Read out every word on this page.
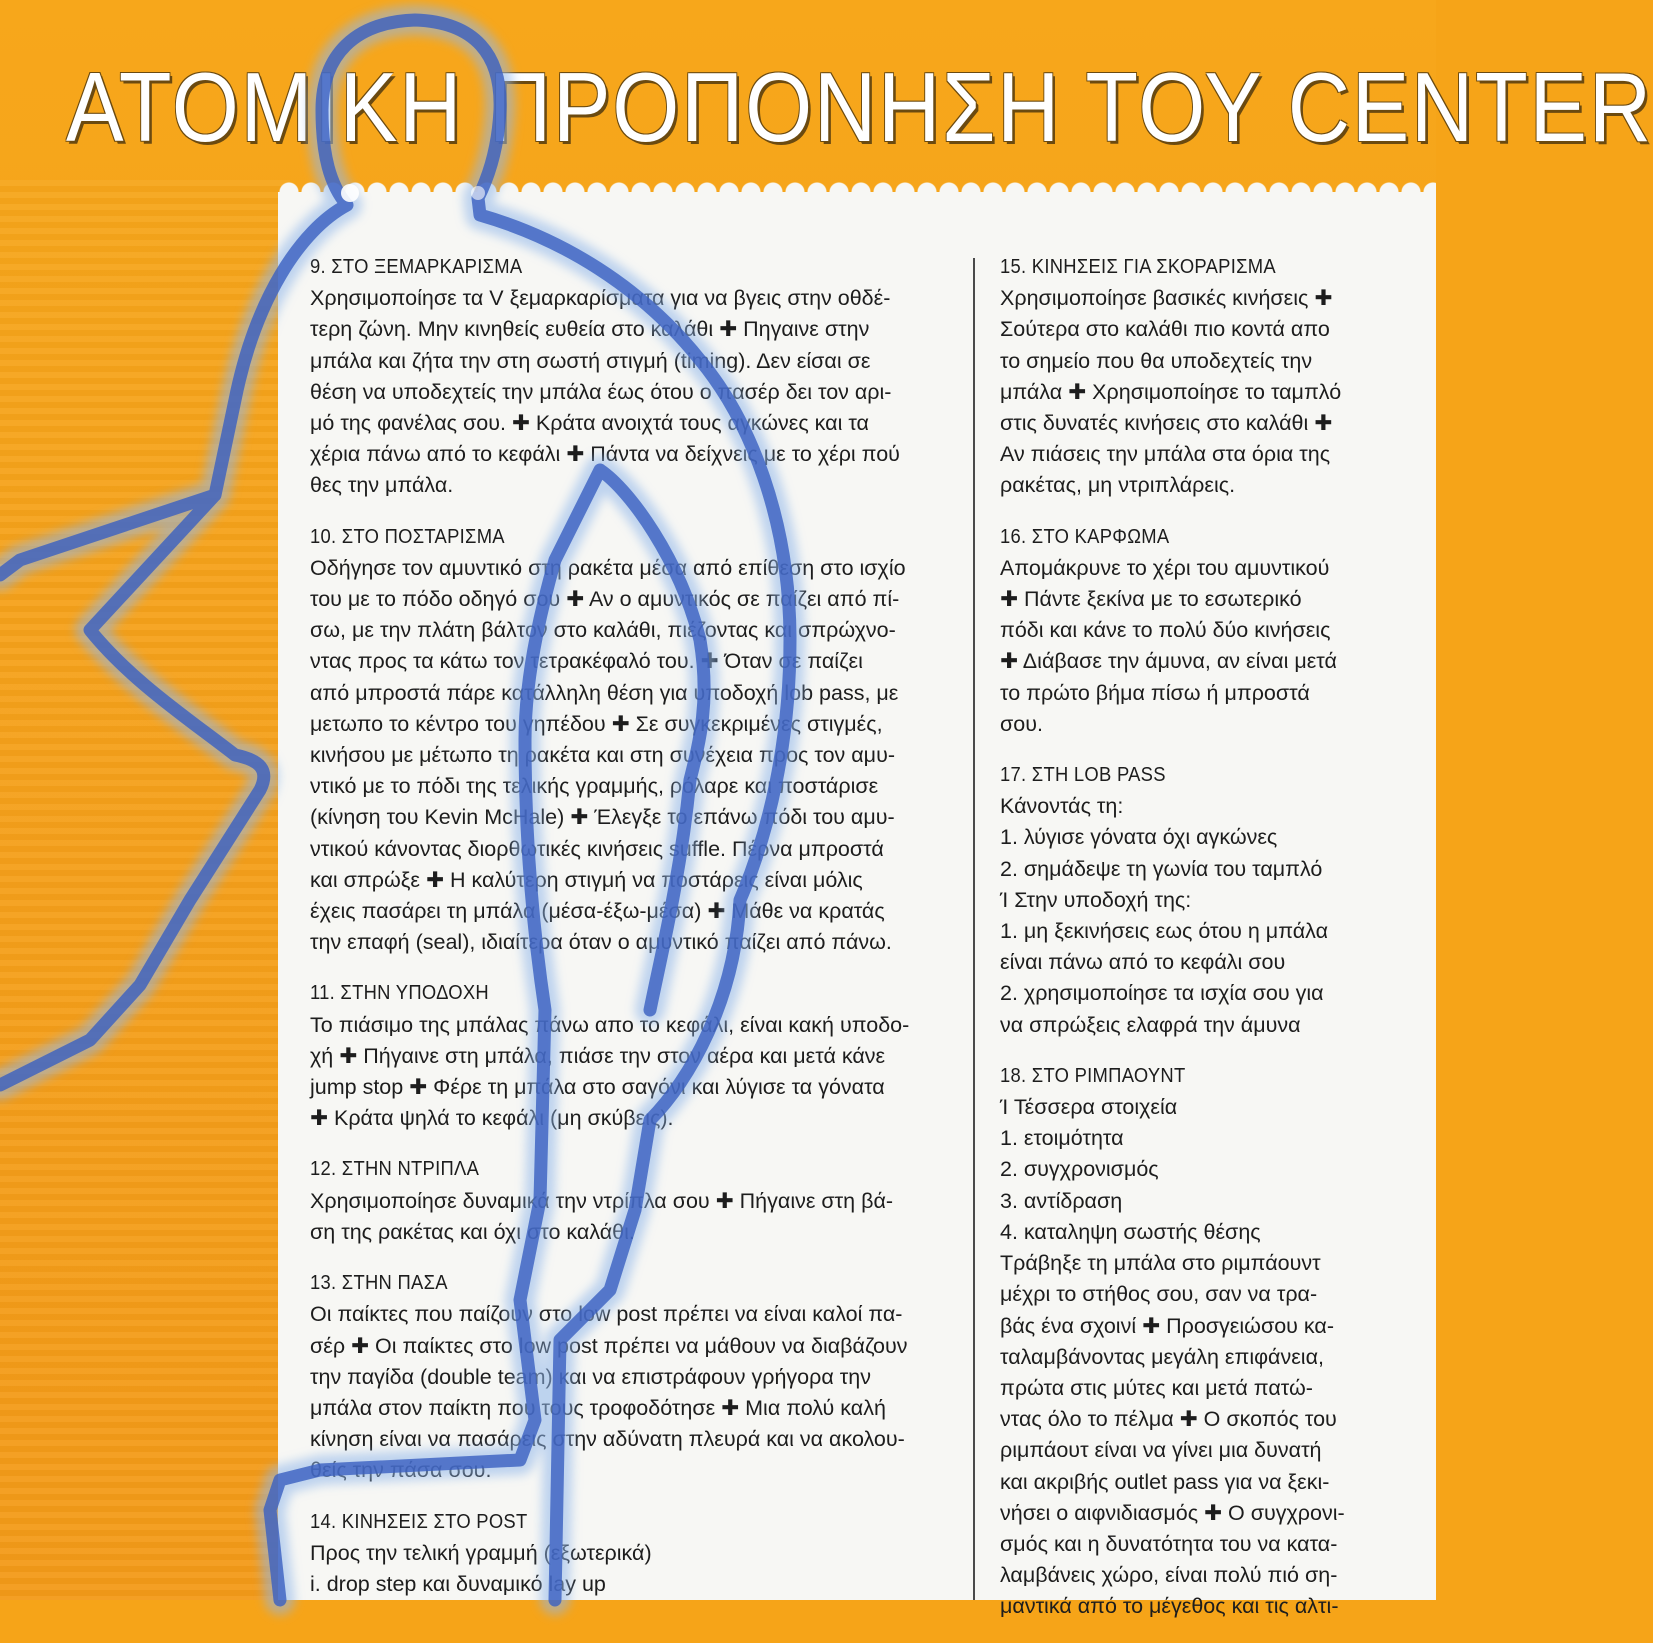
ΑΤΟΜΙΚΗ ΠΡΟΠΟΝΗΣΗ ΤΟΥ CENTER
9. ΣΤΟ ΞΕΜΑΡΚΑΡΙΣΜΑ
Χρησιμοποίησε τα V ξεμαρκαρίσματα για να βγεις στην οθδέ-
τερη ζώνη. Μην κινηθείς ευθεία στο καλάθι ✚ Πηγαινε στην
μπάλα και ζήτα την στη σωστή στιγμή (timing). Δεν είσαι σε
θέση να υποδεχτείς την μπάλα έως ότου ο πασέρ δει τον αρι-
μό της φανέλας σου. ✚ Κράτα ανοιχτά τους αγκώνες και τα
χέρια πάνω από το κεφάλι ✚ Πάντα να δείχνεις με το χέρι πού
θες την μπάλα.
10. ΣΤΟ ΠΟΣΤΑΡΙΣΜΑ
Οδήγησε τον αμυντικό στη ρακέτα μέσα από επίθεση στο ισχίο
του με το πόδο οδηγό σου ✚ Αν ο αμυντικός σε παίζει από πί-
σω, με την πλάτη βάλτον στο καλάθι, πιέζοντας και σπρώχνο-
ντας προς τα κάτω τον τετρακέφαλό του. ✚ Όταν σε παίζει
από μπροστά πάρε κατάλληλη θέση για υποδοχή lob pass, με
μετωπο το κέντρο του γηπέδου ✚ Σε συγκεκριμένες στιγμές,
κινήσου με μέτωπο τη ρακέτα και στη συνέχεια προς τον αμυ-
ντικό με το πόδι της τελικής γραμμής, ρόλαρε και ποστάρισε
(κίνηση του Kevin McHale) ✚ Έλεγξε το επάνω πόδι του αμυ-
ντικού κάνοντας διορθωτικές κινήσεις suffle. Πέρνα μπροστά
και σπρώξε ✚ Η καλύτερη στιγμή να ποστάρεις είναι μόλις
έχεις πασάρει τη μπάλα (μέσα-έξω-μέσα) ✚ Μάθε να κρατάς
την επαφή (seal), ιδιαίτερα όταν ο αμυντικό παίζει από πάνω.
11. ΣΤΗΝ ΥΠΟΔΟΧΗ
Το πιάσιμο της μπάλας πάνω απο το κεφάλι, είναι κακή υποδο-
χή ✚ Πήγαινε στη μπάλα, πιάσε την στον αέρα και μετά κάνε
jump stop ✚ Φέρε τη μπάλα στο σαγόνι και λύγισε τα γόνατα
✚ Κράτα ψηλά το κεφάλι (μη σκύβεις).
12. ΣΤΗΝ ΝΤΡΙΠΛΑ
Χρησιμοποίησε δυναμικά την ντρίπλα σου ✚ Πήγαινε στη βά-
ση της ρακέτας και όχι στο καλάθι.
13. ΣΤΗΝ ΠΑΣΑ
Οι παίκτες που παίζουν στο low post πρέπει να είναι καλοί πα-
σέρ ✚ Οι παίκτες στο low post πρέπει να μάθουν να διαβάζουν
την παγίδα (double team) και να επιστράφουν γρήγορα την
μπάλα στον παίκτη που τους τροφοδότησε ✚ Μια πολύ καλή
κίνηση είναι να πασάρεις στην αδύνατη πλευρά και να ακολου-
θείς την πάσα σου.
14. ΚΙΝΗΣΕΙΣ ΣΤΟ POST
Προς την τελική γραμμή (εξωτερικά)
i. drop step και δυναμικό lay up
15. ΚΙΝΗΣΕΙΣ ΓΙΑ ΣΚΟΡΑΡΙΣΜΑ
Χρησιμοποίησε βασικές κινήσεις ✚
Σούτερα στο καλάθι πιο κοντά απο
το σημείο που θα υποδεχτείς την
μπάλα ✚ Χρησιμοποίησε το ταμπλό
στις δυνατές κινήσεις στο καλάθι ✚
Αν πιάσεις την μπάλα στα όρια της
ρακέτας, μη ντριπλάρεις.
16. ΣΤΟ ΚΑΡΦΩΜΑ
Απομάκρυνε το χέρι του αμυντικού
✚ Πάντε ξεκίνα με το εσωτερικό
πόδι και κάνε το πολύ δύο κινήσεις
✚ Διάβασε την άμυνα, αν είναι μετά
το πρώτο βήμα πίσω ή μπροστά
σου.
17. ΣΤΗ LOB PASS
Κάνοντάς τη:
1. λύγισε γόνατα όχι αγκώνες
2. σημάδεψε τη γωνία του ταμπλό
Ί Στην υποδοχή της:
1. μη ξεκινήσεις εως ότου η μπάλα
είναι πάνω από το κεφάλι σου
2. χρησιμοποίησε τα ισχία σου για
να σπρώξεις ελαφρά την άμυνα
18. ΣΤΟ ΡΙΜΠΑΟΥΝΤ
Ί Τέσσερα στοιχεία
1. ετοιμότητα
2. συγχρονισμός
3. αντίδραση
4. καταληψη σωστής θέσης
Τράβηξε τη μπάλα στο ριμπάουντ
μέχρι το στήθος σου, σαν να τρα-
βάς ένα σχοινί ✚ Προσγειώσου κα-
ταλαμβάνοντας μεγάλη επιφάνεια,
πρώτα στις μύτες και μετά πατώ-
ντας όλο το πέλμα ✚ Ο σκοπός του
ριμπάουτ είναι να γίνει μια δυνατή
και ακριβής outlet pass για να ξεκι-
νήσει ο αιφνιδιασμός ✚ Ο συγχρονι-
σμός και η δυνατότητα του να κατα-
λαμβάνεις χώρο, είναι πολύ πιό ση-
μαντικά από το μέγεθος και τις αλτι-
